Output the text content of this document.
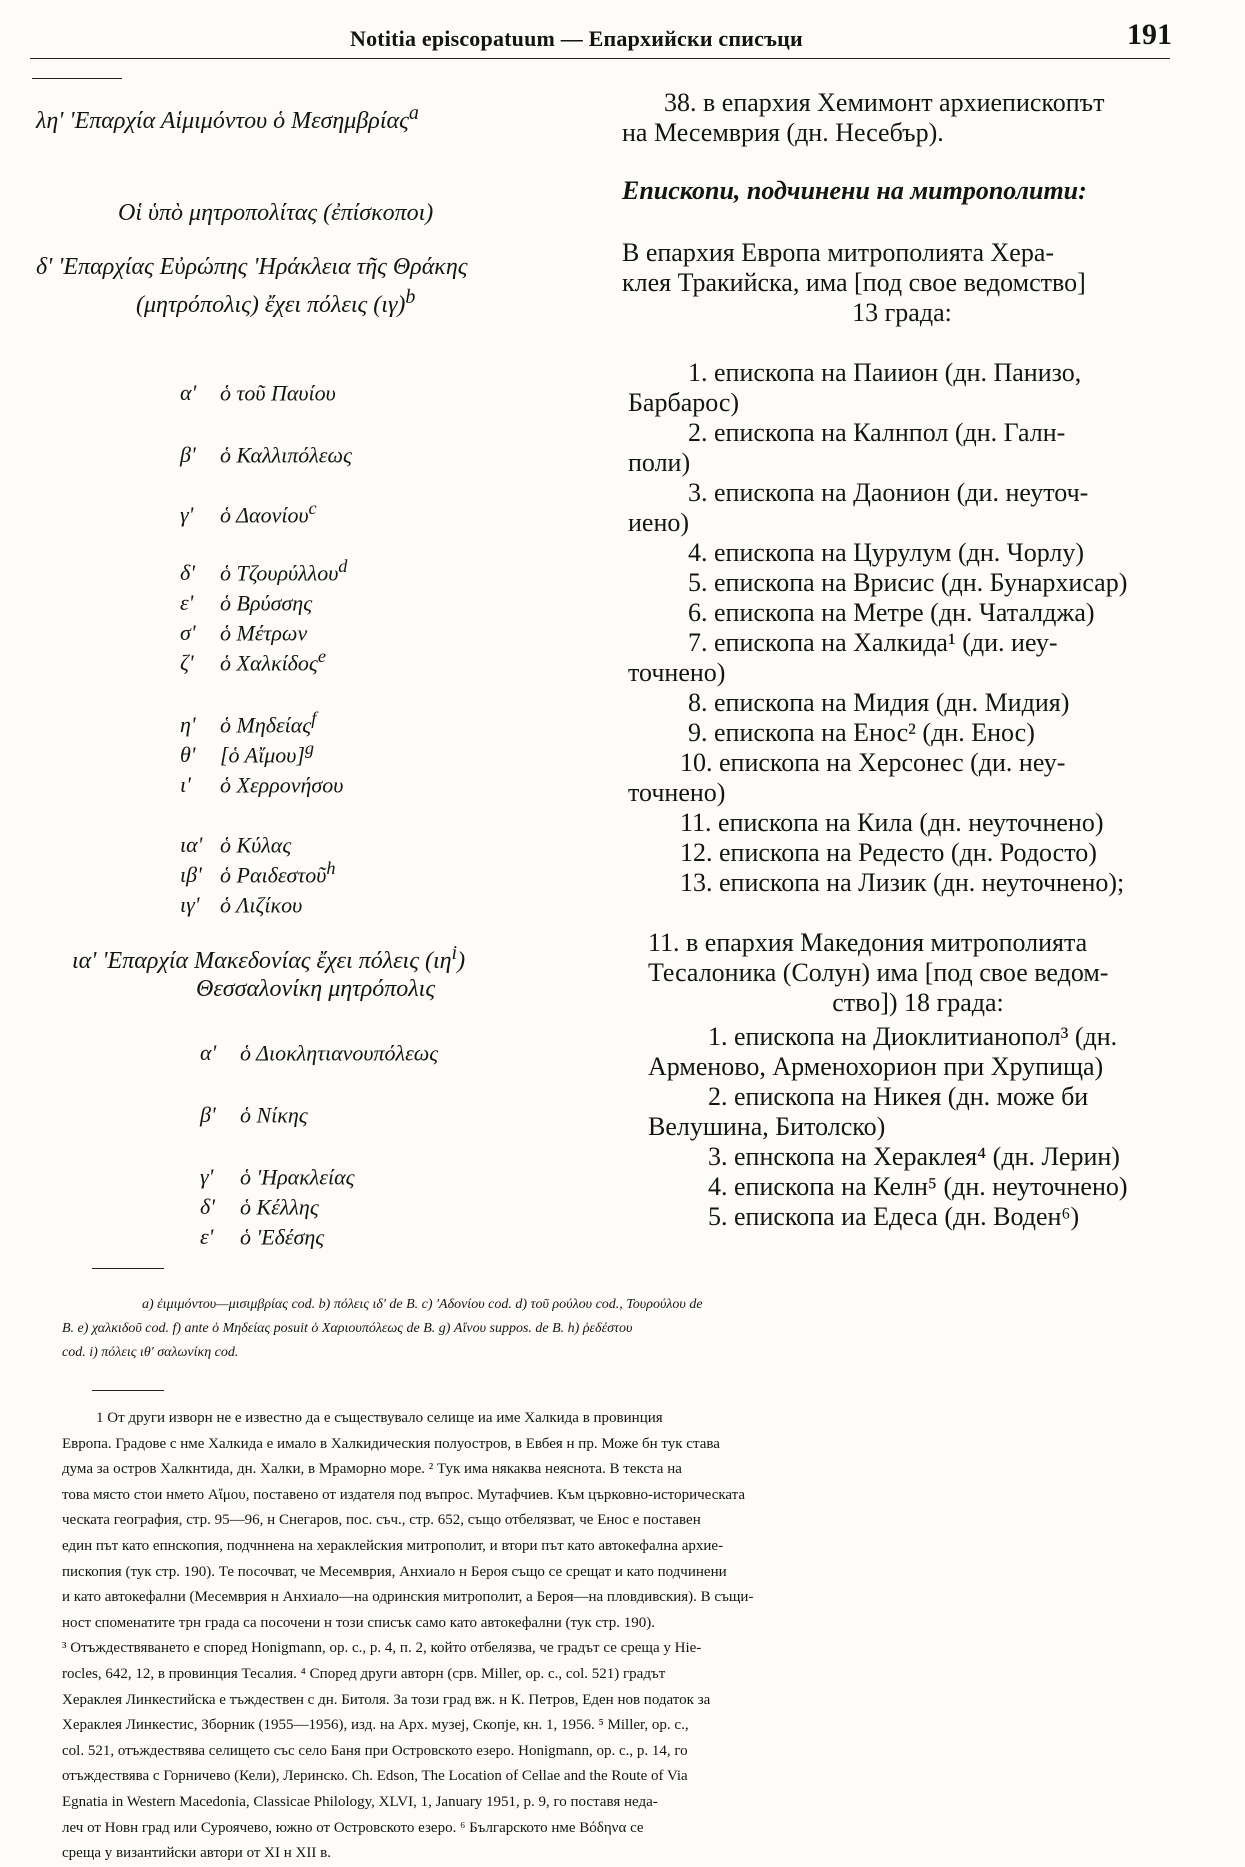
Notitia episcopatuum — Епархийски списъци	191
λη' 'Επαρχία Αἱμιμόντου ὁ Μεσημβρίας$^a$
Οἱ ὑπὸ μητροπολίτας (ἐπίσκοποι)
δ' 'Επαρχίας Εὐρώπης 'Ηράκλεια τῆς Θράκης
(μητρόπολις) ἔχει πόλεις $(\iota\gamma)^b$
α' ὁ τοῦ Παυίου
β' ὁ Καλλιπόλεως
γ' ὁ Δαονίου$^c$
δ' ὁ Τζουρύλλου$^d$
ε' ὁ Βρύσσης
σ' ὁ Μέτρων
ζ' ὁ Χαλκίδος$^e$
η' ὁ Μηδείας$^f$
θ' [ὁ Αἴμου]$^g$
ι' ὁ Χερρονήσου
ια' ὁ Κύλας
ιβ' ὁ Ραιδεστοῦ$^h$
ιγ' ὁ Λιζίκου
ια' 'Επαρχία Μακεδονίας ἔχει πόλεις $(\iota\eta^i)$
Θεσσαλονίκη μητρόπολις
α' ὁ Διοκλητιανουπόλεως
β' ὁ Νίκης
γ' ὁ 'Ηρακλείας
δ' ὁ Κέλλης
ε' ὁ 'Εδέσης
38. в епархия Хемимонт архиепископът
на Месемврия (дн. Несебър).
Епископи, подчинени на митрополити:
В епархия Европа митрополията Хера-
клея Тракийска, има [под свое ведомство]
13 града:
1. епископа на Паиион (дн. Панизо,
Барбарос)
2. епископа на Калнпол (дн. Галн-
поли)
3. епископа на Даонион (ди. неуточ-
иено)
4. епископа на Цурулум (дн. Чорлу)
5. епископа на Врисис (дн. Бунархисар)
6. епископа на Метре (дн. Чаталджа)
7. епископа на Халкида¹ (ди. иеу-
точнено)
8. епископа на Мидия (дн. Мидия)
9. епископа на Енос² (дн. Енос)
10. епископа на Херсонес (ди. неу-
точнено)
11. епископа на Кила (дн. неуточнено)
12. епископа на Редесто (дн. Родосто)
13. епископа на Лизик (дн. неуточнено);
11. в епархия Македония митрополията
Тесалоника (Солун) има [под свое ведом-
ство]) 18 града:
1. епископа на Диоклитианопол³ (дн.
Арменово, Арменохорион при Хрупища)
2. епископа на Никея (дн. може би
Велушина, Битолско)
3. епнскопа на Хераклея⁴ (дн. Лерин)
4. епископа на Келн⁵ (дн. неуточнено)
5. епископа иа Едеса (дн. Воден⁶)
a) ἐιμιμόντου—μισιμβρίας cod. b) πόλεις ιδ' de B. c) 'Αδονίου cod. d) τοῦ ρούλου cod., Τουρούλου de
B. e) χαλκιδοῦ cod. f) ante ὁ Μηδείας posuit ὁ Χαριουπόλεως de B. g) Αἴνου suppos. de B. h) ῥεδέστου
cod. i) πόλεις ιθ' σαλωνίκη cod.
1 От други изворн не е известно да е съществувало селище иа име Халкида в провинция
Европа. Градове с нме Халкида е имало в Халкидическия полуостров, в Евбея н пр. Може бн тук става
дума за остров Халкнтида, дн. Халки, в Мраморно море. ² Тук има някаква неяснота. В текста на
това място стои нмето Αἴμου, поставено от издателя под въпрос. Мутафчиев. Към църковно-историческата
ческата география, стр. 95—96, н Снегаров, пос. съч., стр. 652, също отбелязват, че Енос е поставен
един път като епнскопия, подчннена на хераклейския митрополит, и втори път като автокефална архие-
пископия (тук стр. 190). Те посочват, че Месемврия, Анхиало н Бероя също се срещат и като подчинени
и като автокефални (Месемврия н Анхиало—на одринския митрополит, а Бероя—на пловдивския). В същи-
ност споменатите трн града са посочени н този списък само като автокефални (тук стр. 190).
³ Отъждествяването е според Honigmann, op. c., p. 4, п. 2, който отбелязва, че градът се среща у Hie-
rocles, 642, 12, в провинция Тесалия. ⁴ Според други авторн (срв. Miller, op. c., col. 521) градът
Хераклея Линкестийска е тъждествен с дн. Битоля. За този град вж. н К. Петров, Еден нов податок за
Хераклея Линкестис, Зборник (1955—1956), изд. на Арх. музеј, Скопје, кн. 1, 1956. ⁵ Miller, op. c.,
col. 521, отъждествява селището със село Баня при Островското езеро. Honigmann, op. c., p. 14, го
отъждествява с Горничево (Кели), Леринско. Ch. Edson, The Location of Cellae and the Route of Via
Egnatia in Western Macedonia, Classicae Philology, XLVI, 1, January 1951, p. 9, го поставя неда-
леч от Новн град или Суроячево, южно от Островското езеро. ⁶ Българското нме Βόδηνα се
среща у византийски автори от XI н XII в.
